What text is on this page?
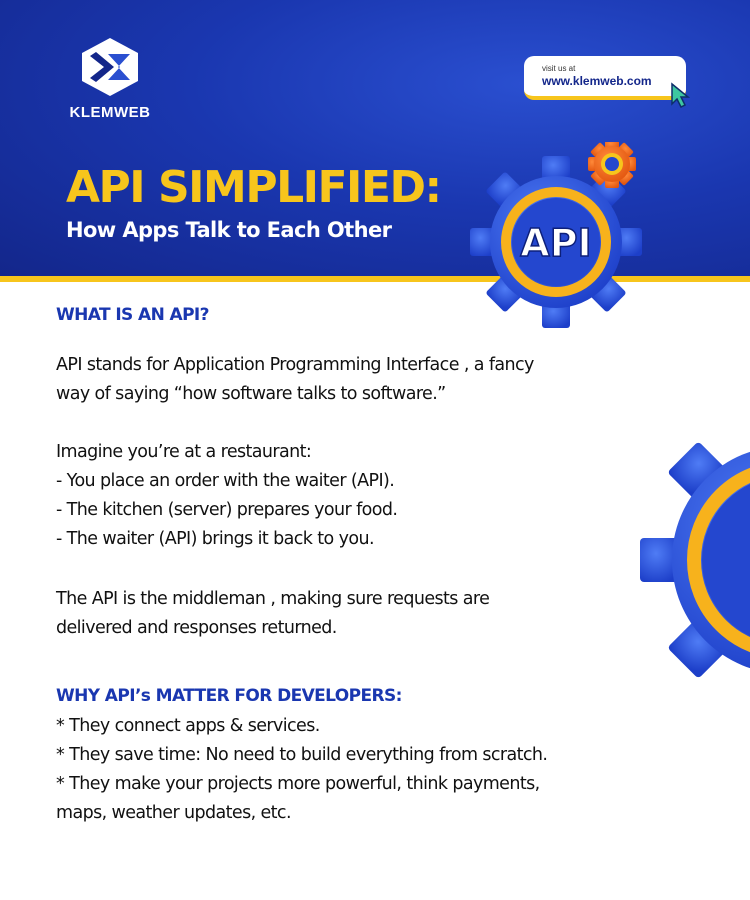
KLEMWEB
visit us at
www.klemweb.com
API SIMPLIFIED:
How Apps Talk to Each Other	API
WHAT IS AN API?
API stands for Application Programming Interface , a fancy
way of saying “how software talks to software.”
Imagine you’re at a restaurant:
- You place an order with the waiter (API).
- The kitchen (server) prepares your food.
- The waiter (API) brings it back to you.
The API is the middleman , making sure requests are
delivered and responses returned.
WHY API’s MATTER FOR DEVELOPERS:
* They connect apps & services.
* They save time: No need to build everything from scratch.
* They make your projects more powerful, think payments,
maps, weather updates, etc.
